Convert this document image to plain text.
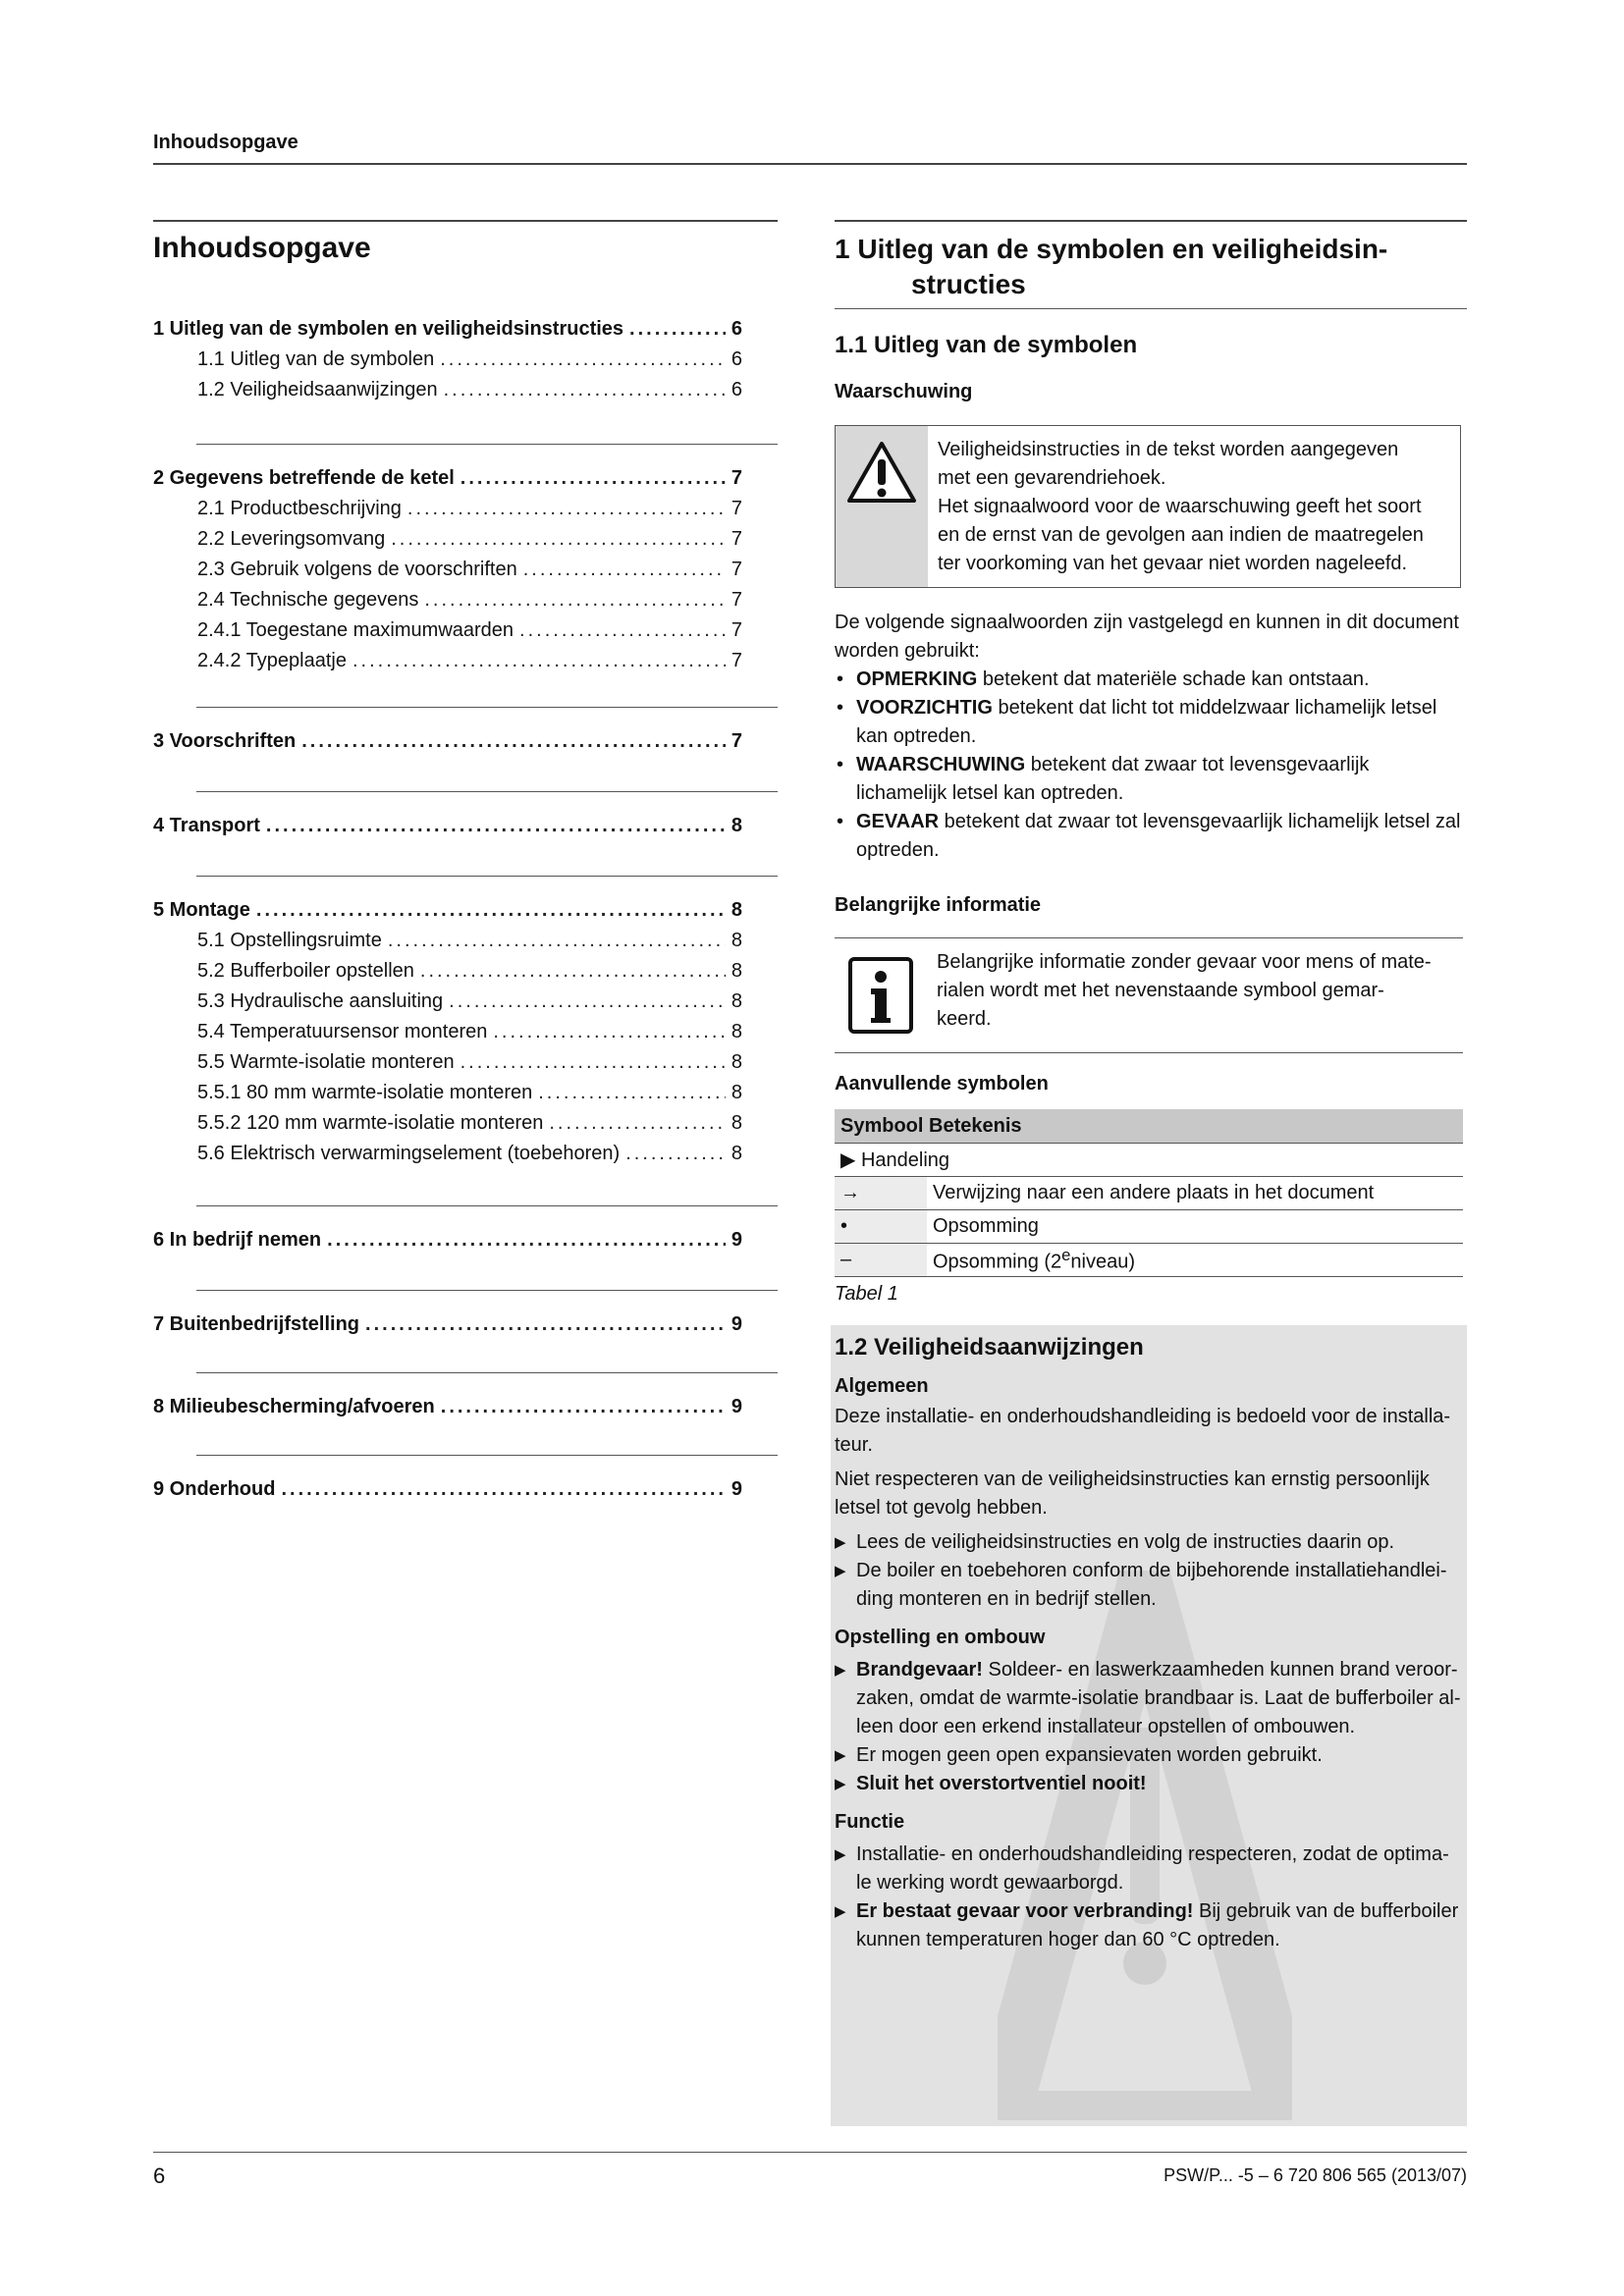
Inhoudsopgave
Inhoudsopgave
1 Uitleg van de symbolen en veiligheidsinstructies .....	6
1.1 Uitleg van de symbolen .....	6
1.2 Veiligheidsaanwijzingen .....	6
2 Gegevens betreffende de ketel .....	7
2.1 Productbeschrijving .....	7
2.2 Leveringsomvang .....	7
2.3 Gebruik volgens de voorschriften .....	7
2.4 Technische gegevens .....	7
2.4.1 Toegestane maximumwaarden .....	7
2.4.2 Typeplaatje .....	7
3 Voorschriften .....	7
4 Transport .....	8
5 Montage .....	8
5.1 Opstellingsruimte .....	8
5.2 Bufferboiler opstellen .....	8
5.3 Hydraulische aansluiting .....	8
5.4 Temperatuursensor monteren .....	8
5.5 Warmte-isolatie monteren .....	8
5.5.1 80 mm warmte-isolatie monteren .....	8
5.5.2 120 mm warmte-isolatie monteren .....	8
5.6 Elektrisch verwarmingselement (toebehoren) .....	8
6 In bedrijf nemen .....	9
7 Buitenbedrijfstelling .....	9
8 Milieubescherming/afvoeren .....	9
9 Onderhoud .....	9
1 Uitleg van de symbolen en veiligheidsin-
structies
1.1 Uitleg van de symbolen
Waarschuwing
Veiligheidsinstructies in de tekst worden aangegeven
met een gevarendriehoek.
Het signaalwoord voor de waarschuwing geeft het soort
en de ernst van de gevolgen aan indien de maatregelen
ter voorkoming van het gevaar niet worden nageleefd.
De volgende signaalwoorden zijn vastgelegd en kunnen in dit document worden gebruikt:
• OPMERKING betekent dat materiële schade kan ontstaan.
• VOORZICHTIG betekent dat licht tot middelzwaar lichamelijk letsel kan optreden.
• WAARSCHUWING betekent dat zwaar tot levensgevaarlijk lichamelijk letsel kan optreden.
• GEVAAR betekent dat zwaar tot levensgevaarlijk lichamelijk letsel zal optreden.
Belangrijke informatie
Belangrijke informatie zonder gevaar voor mens of mate-
rialen wordt met het nevenstaande symbool gemar-
keerd.
Aanvullende symbolen
Symbool Betekenis	
▶ Handeling	
→	Verwijzing naar een andere plaats in het document
•	Opsomming
–	Opsomming (2eniveau)
Tabel 1
1.2 Veiligheidsaanwijzingen
Algemeen
Deze installatie- en onderhoudshandleiding is bedoeld voor de installa-teur.
Niet respecteren van de veiligheidsinstructies kan ernstig persoonlijk letsel tot gevolg hebben.
▶ Lees de veiligheidsinstructies en volg de instructies daarin op.
▶ De boiler en toebehoren conform de bijbehorende installatiehandlei-ding monteren en in bedrijf stellen.
Opstelling en ombouw
▶ Brandgevaar! Soldeer- en laswerkzaamheden kunnen brand veroor-zaken, omdat de warmte-isolatie brandbaar is. Laat de bufferboiler al-leen door een erkend installateur opstellen of ombouwen.
▶ Er mogen geen open expansievaten worden gebruikt.
▶ Sluit het overstortventiel nooit!
Functie
▶ Installatie- en onderhoudshandleiding respecteren, zodat de optima-le werking wordt gewaarborgd.
▶ Er bestaat gevaar voor verbranding! Bij gebruik van de bufferboiler kunnen temperaturen hoger dan 60 °C optreden.
6	PSW/P... -5 – 6 720 806 565 (2013/07)
